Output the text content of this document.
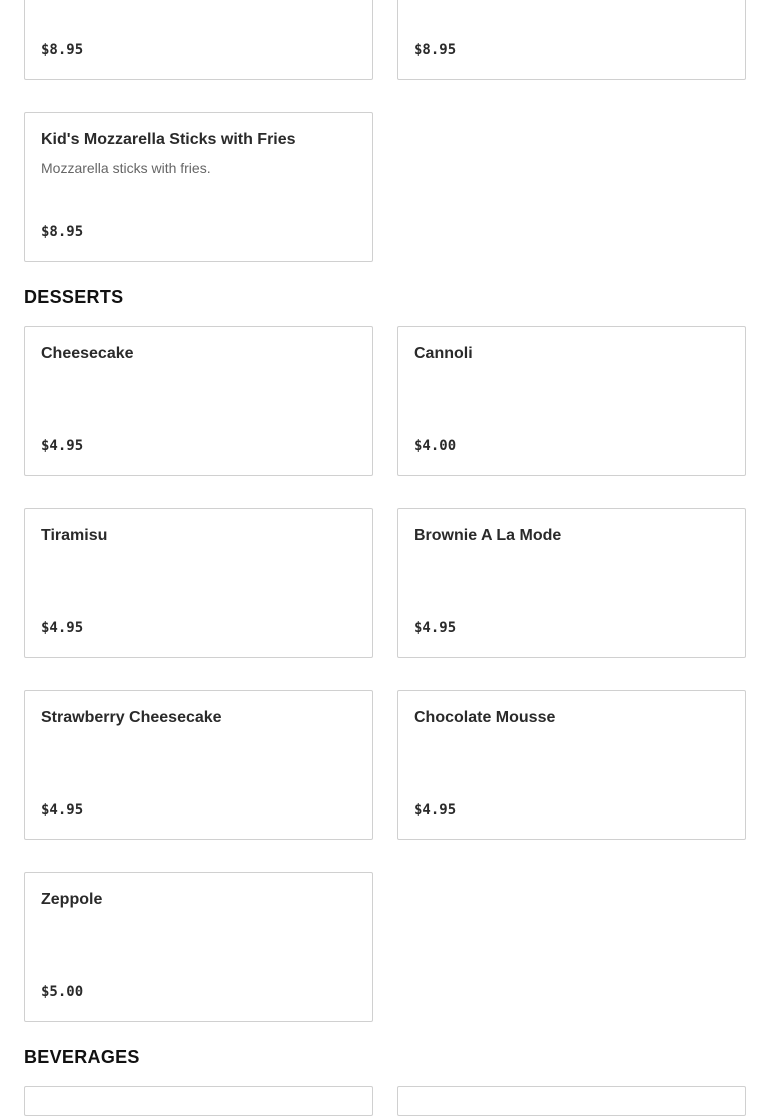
$8.95	$8.95
Kid's Mozzarella Sticks with Fries
Mozzarella sticks with fries.
$8.95
DESSERTS
Cheesecake
$4.95
Cannoli
$4.00
Tiramisu
$4.95
Brownie A La Mode
$4.95
Strawberry Cheesecake
$4.95
Chocolate Mousse
$4.95
Zeppole
$5.00
BEVERAGES
